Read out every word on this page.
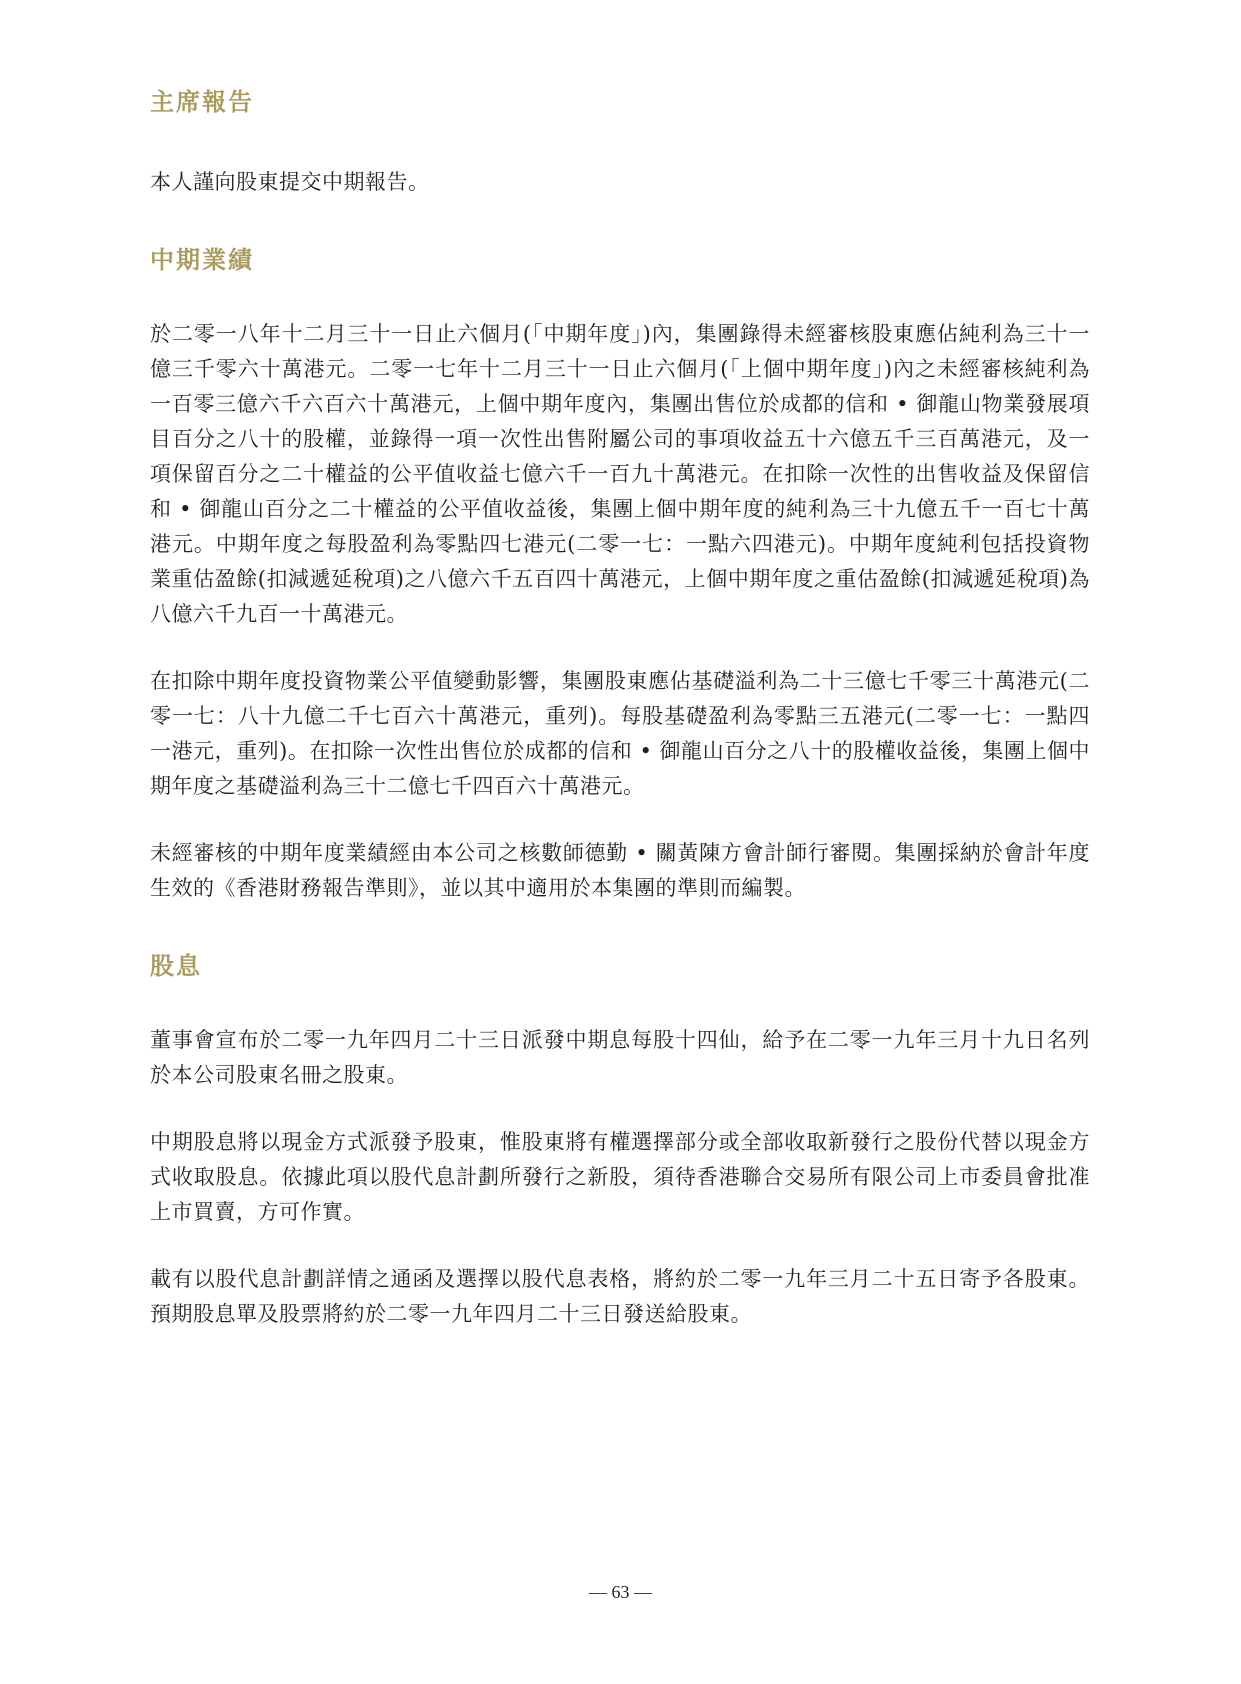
主席報告

本人謹向股東提交中期報告。

中期業績

於二零一八年十二月三十一日止六個月(「中期年度」)內，集團錄得未經審核股東應佔純利為三十一億三千零六十萬港元。二零一七年十二月三十一日止六個月(「上個中期年度」)內之未經審核純利為一百零三億六千六百六十萬港元，上個中期年度內，集團出售位於成都的信和 • 御龍山物業發展項目百分之八十的股權，並錄得一項一次性出售附屬公司的事項收益五十六億五千三百萬港元，及一項保留百分之二十權益的公平值收益七億六千一百九十萬港元。在扣除一次性的出售收益及保留信和 • 御龍山百分之二十權益的公平值收益後，集團上個中期年度的純利為三十九億五千一百七十萬港元。中期年度之每股盈利為零點四七港元(二零一七：一點六四港元)。中期年度純利包括投資物業重估盈餘(扣減遞延稅項)之八億六千五百四十萬港元，上個中期年度之重估盈餘(扣減遞延稅項)為八億六千九百一十萬港元。

在扣除中期年度投資物業公平值變動影響，集團股東應佔基礎溢利為二十三億七千零三十萬港元(二零一七：八十九億二千七百六十萬港元，重列)。每股基礎盈利為零點三五港元(二零一七：一點四一港元，重列)。在扣除一次性出售位於成都的信和 • 御龍山百分之八十的股權收益後，集團上個中期年度之基礎溢利為三十二億七千四百六十萬港元。

未經審核的中期年度業績經由本公司之核數師德勤 • 關黃陳方會計師行審閱。集團採納於會計年度生效的《香港財務報告準則》，並以其中適用於本集團的準則而編製。

股息

董事會宣布於二零一九年四月二十三日派發中期息每股十四仙，給予在二零一九年三月十九日名列於本公司股東名冊之股東。

中期股息將以現金方式派發予股東，惟股東將有權選擇部分或全部收取新發行之股份代替以現金方式收取股息。依據此項以股代息計劃所發行之新股，須待香港聯合交易所有限公司上市委員會批准上市買賣，方可作實。

載有以股代息計劃詳情之通函及選擇以股代息表格，將約於二零一九年三月二十五日寄予各股東。預期股息單及股票將約於二零一九年四月二十三日發送給股東。

— 63 —
